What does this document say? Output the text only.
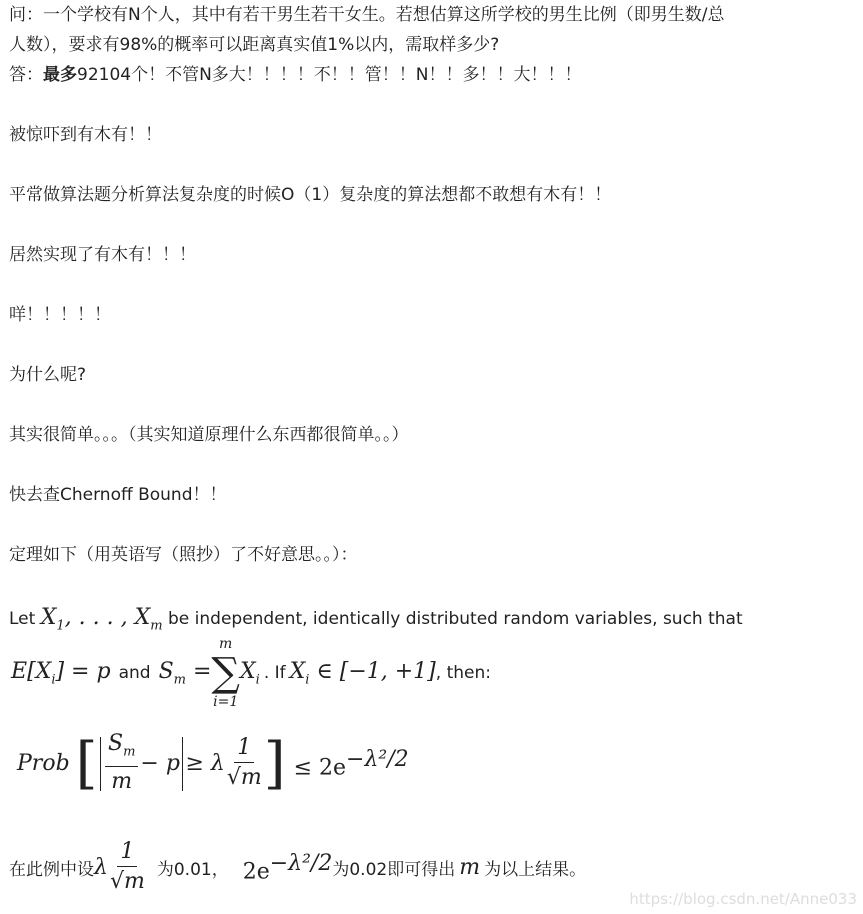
问：一个学校有N个人，其中有若干男生若干女生。若想估算这所学校的男生比例（即男生数/总

人数），要求有98%的概率可以距离真实值1%以内，需取样多少?

答：最多92104个！不管N多大！！！！不！！管！！N！！多！！大！！！

被惊吓到有木有！！

平常做算法题分析算法复杂度的时候O（1）复杂度的算法想都不敢想有木有！！

居然实现了有木有！！！

咩！！！！！

为什么呢?

其实很简单。。。（其实知道原理什么东西都很简单。。）

快去查Chernoff Bound！！

定理如下（用英语写（照抄）了不好意思。。）：

Let $X_1$, . . . , $X_m$ be independent, identically distributed random variables, such that
$E[X_i] = p$ and $S_m$ =
m
∑
i=1
$X_i$ . If $X_i$ ∈ [−1, +1] , then:
Prob [ $\frac{S_m}{m} - p \ge \lambda \frac{1}{√m}$ ] ≤ $2e^{-\lambda^2/2}$
在此例中设 λ $\frac{1}{√m}$ 为0.01， $2e^{-\lambda^2/2}$ 为0.02即可得出 m 为以上结果。
https://blog.csdn.net/Anne033
